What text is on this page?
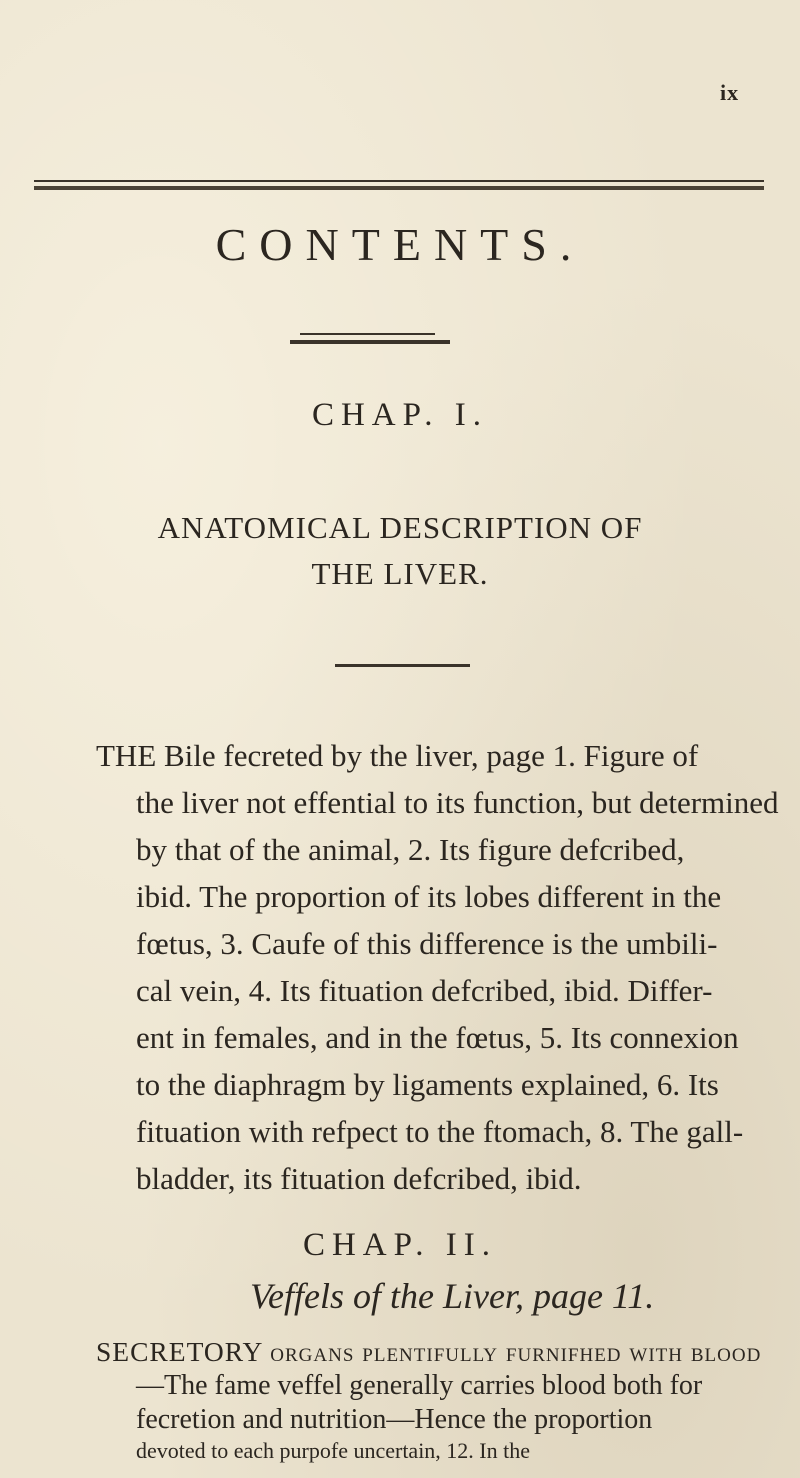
ix
CONTENTS.
CHAP. I.
ANATOMICAL DESCRIPTION OF
THE LIVER.
THE Bile fecreted by the liver, page 1. Figure of
the liver not effential to its function, but determined
by that of the animal, 2. Its figure defcribed,
ibid. The proportion of its lobes different in the
fœtus, 3. Caufe of this difference is the umbili-
cal vein, 4. Its fituation defcribed, ibid. Differ-
ent in females, and in the fœtus, 5. Its connexion
to the diaphragm by ligaments explained, 6. Its
fituation with refpect to the ftomach, 8. The gall-
bladder, its fituation defcribed, ibid.
CHAP. II.
Veffels of the Liver, page 11.
SECRETORY organs plentifully furnifhed with blood
—The fame veffel generally carries blood both for
fecretion and nutrition—Hence the proportion
devoted to each purpofe uncertain, 12. In the
